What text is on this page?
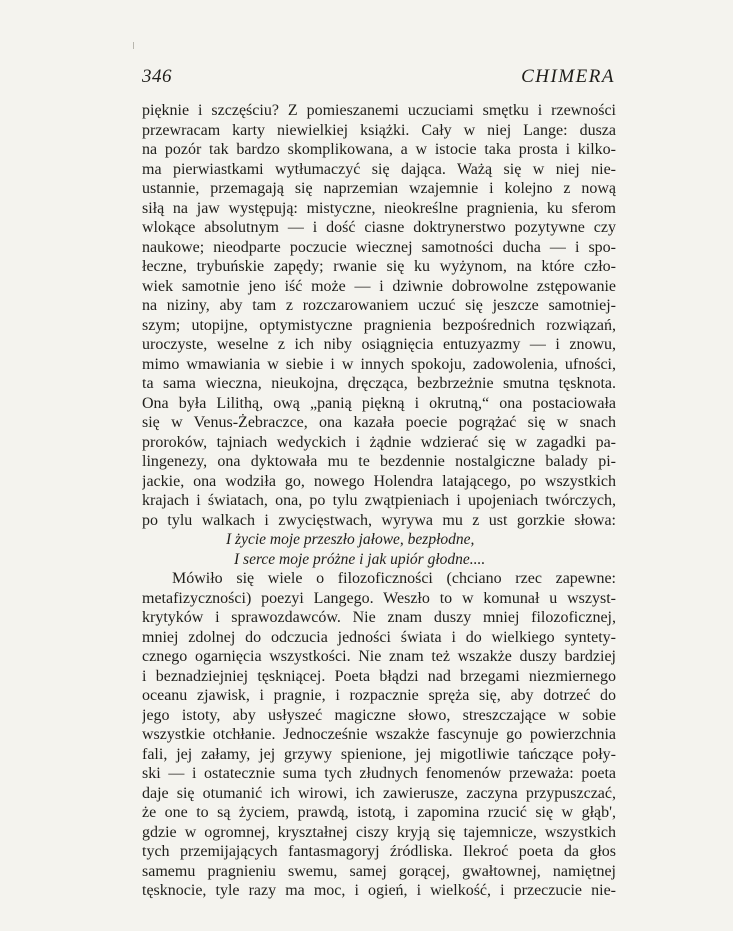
346	CHIMERA
pięknie i szczęściu? Z pomieszanemi uczuciami smętku i rzewności
przewracam karty niewielkiej książki. Cały w niej Lange: dusza
na pozór tak bardzo skomplikowana, a w istocie taka prosta i kilko-
ma pierwiastkami wytłumaczyć się dająca. Ważą się w niej nie-
ustannie, przemagają się naprzemian wzajemnie i kolejno z nową
siłą na jaw występują: mistyczne, nieokreślne pragnienia, ku sferom
wlokące absolutnym — i dość ciasne doktrynerstwo pozytywne czy
naukowe; nieodparte poczucie wiecznej samotności ducha — i spo-
łeczne, trybuńskie zapędy; rwanie się ku wyżynom, na które czło-
wiek samotnie jeno iść może — i dziwnie dobrowolne zstępowanie
na niziny, aby tam z rozczarowaniem uczuć się jeszcze samotniej-
szym; utopijne, optymistyczne pragnienia bezpośrednich rozwiązań,
uroczyste, weselne z ich niby osiągnięcia entuzyazmy — i znowu,
mimo wmawiania w siebie i w innych spokoju, zadowolenia, ufności,
ta sama wieczna, nieukojna, dręcząca, bezbrzeżnie smutna tęsknota.
Ona była Lilithą, ową „panią piękną i okrutną,“ ona postaciowała
się w Venus-Żebraczce, ona kazała poecie pogrążać się w snach
proroków, tajniach wedyckich i żądnie wdzierać się w zagadki pa-
lingenezy, ona dyktowała mu te bezdennie nostalgiczne balady pi-
jackie, ona wodziła go, nowego Holendra latającego, po wszystkich
krajach i światach, ona, po tylu zwątpieniach i upojeniach twórczych,
po tylu walkach i zwycięstwach, wyrywa mu z ust gorzkie słowa:
I życie moje przeszło jałowe, bezpłodne,
I serce moje próżne i jak upiór głodne....
Mówiło się wiele o filozoficzności (chciano rzec zapewne:
metafizyczności) poezyi Langego. Weszło to w komunał u wszyst-
krytyków i sprawozdawców. Nie znam duszy mniej filozoficznej,
mniej zdolnej do odczucia jedności świata i do wielkiego syntety-
cznego ogarnięcia wszystkości. Nie znam też wszakże duszy bardziej
i beznadziejniej tęskniącej. Poeta błądzi nad brzegami niezmiernego
oceanu zjawisk, i pragnie, i rozpacznie spręża się, aby dotrzeć do
jego istoty, aby usłyszeć magiczne słowo, streszczające w sobie
wszystkie otchłanie. Jednocześnie wszakże fascynuje go powierzchnia
fali, jej załamy, jej grzywy spienione, jej migotliwie tańczące poły-
ski — i ostatecznie suma tych złudnych fenomenów przeważa: poeta
daje się otumanić ich wirowi, ich zawierusze, zaczyna przypuszczać,
że one to są życiem, prawdą, istotą, i zapomina rzucić się w głąb',
gdzie w ogromnej, kryształnej ciszy kryją się tajemnicze, wszystkich
tych przemijających fantasmagoryj źródliska. Ilekroć poeta da głos
samemu pragnieniu swemu, samej gorącej, gwałtownej, namiętnej
tęsknocie, tyle razy ma moc, i ogień, i wielkość, i przeczucie nie-
